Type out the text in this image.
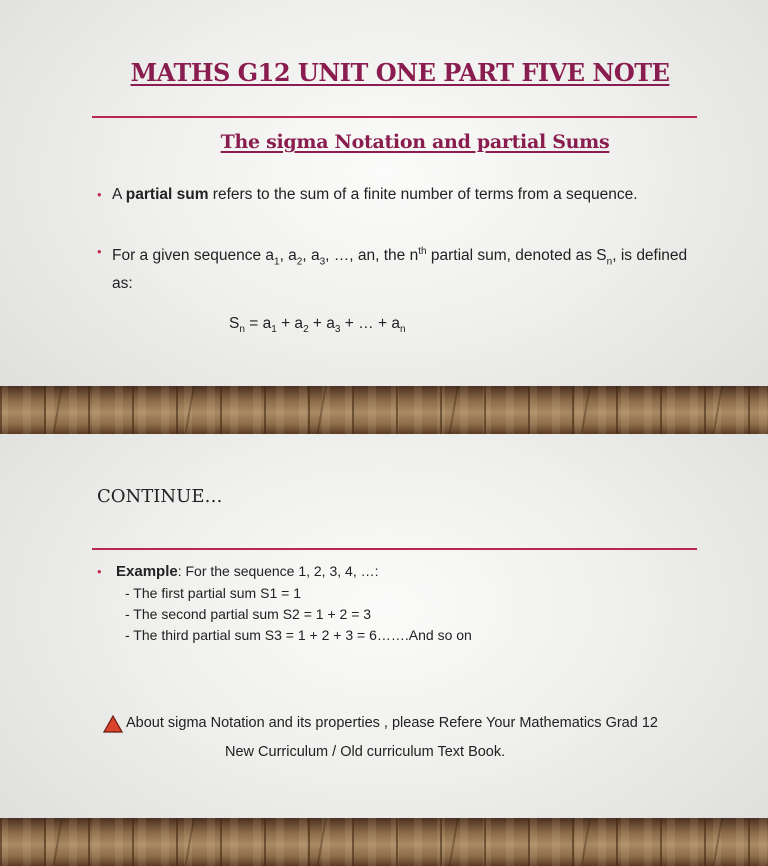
MATHS G12 UNIT ONE PART FIVE NOTE
The sigma Notation and partial Sums
• A partial sum refers to the sum of a finite number of terms from a sequence.
• For a given sequence $a_1$, $a_2$, $a_3$, …, an, the $n^{th}$ partial sum, denoted as $S_n$, is defined
as:
$S_n = a_1 + a_2 + a_3$ + … + $a_n$
CONTINUE…
• Example: For the sequence 1, 2, 3, 4, …:
- The first partial sum S1 = 1
- The second partial sum S2 = 1 + 2 = 3
- The third partial sum S3 = 1 + 2 + 3 = 6…….And so on
About sigma Notation and its properties , please Refere Your Mathematics Grad 12
New Curriculum / Old curriculum Text Book.
